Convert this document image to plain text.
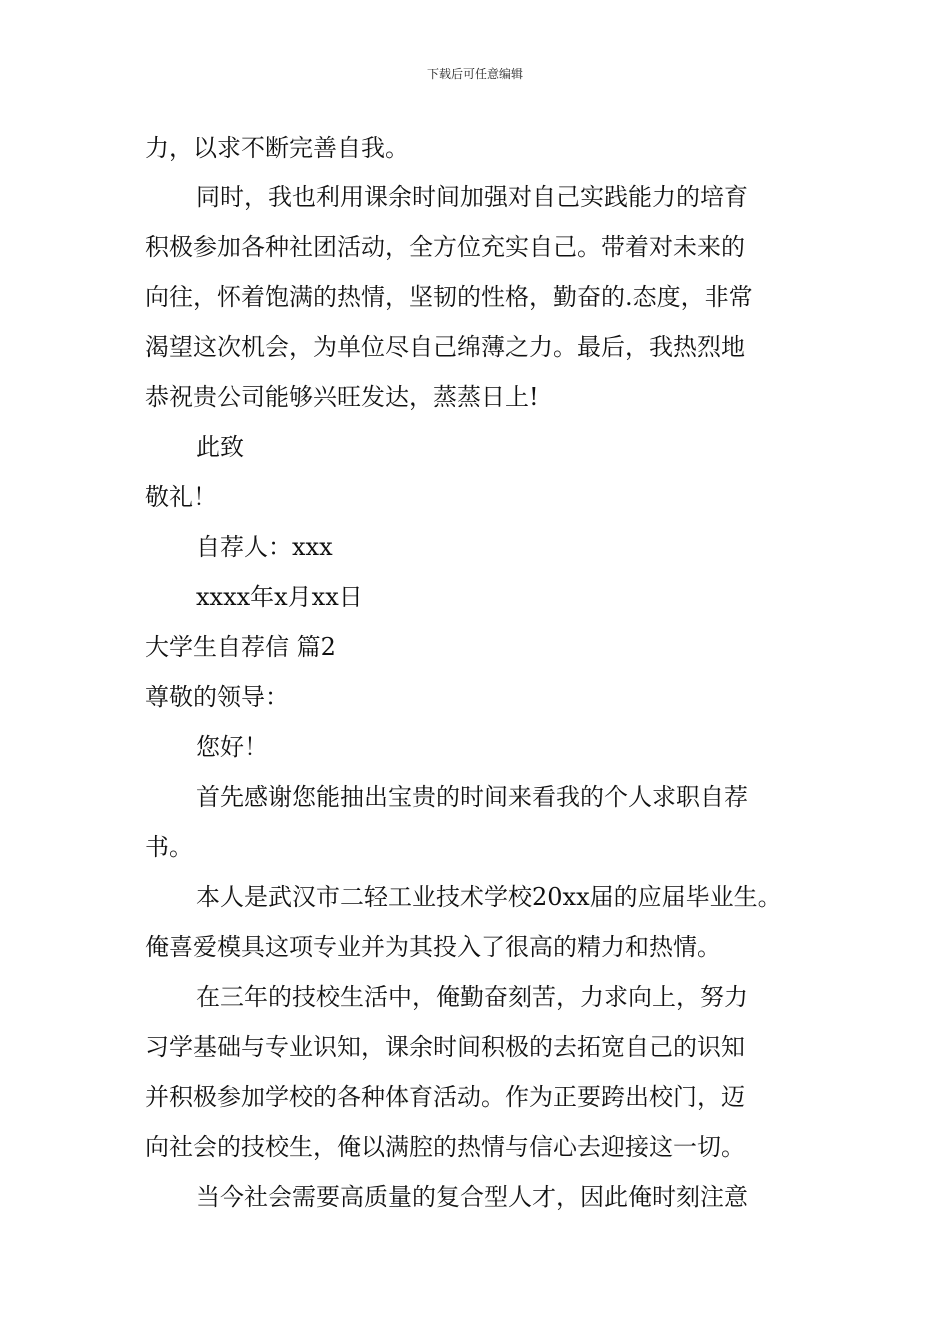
下载后可任意编辑
力，以求不断完善自我。
同时，我也利用课余时间加强对自己实践能力的培育
积极参加各种社团活动，全方位充实自己。带着对未来的
向往，怀着饱满的热情，坚韧的性格，勤奋的.态度，非常
渴望这次机会，为单位尽自己绵薄之力。最后，我热烈地
恭祝贵公司能够兴旺发达，蒸蒸日上!
此致
敬礼！
自荐人：xxx
xxxx年x月xx日
大学生自荐信 篇2
尊敬的领导：
您好！
首先感谢您能抽出宝贵的时间来看我的个人求职自荐
书。
本人是武汉市二轻工业技术学校20xx届的应届毕业生。
俺喜爱模具这项专业并为其投入了很高的精力和热情。
在三年的技校生活中，俺勤奋刻苦，力求向上，努力
习学基础与专业识知，课余时间积极的去拓宽自己的识知
并积极参加学校的各种体育活动。作为正要跨出校门，迈
向社会的技校生，俺以满腔的热情与信心去迎接这一切。
当今社会需要高质量的复合型人才，因此俺时刻注意
